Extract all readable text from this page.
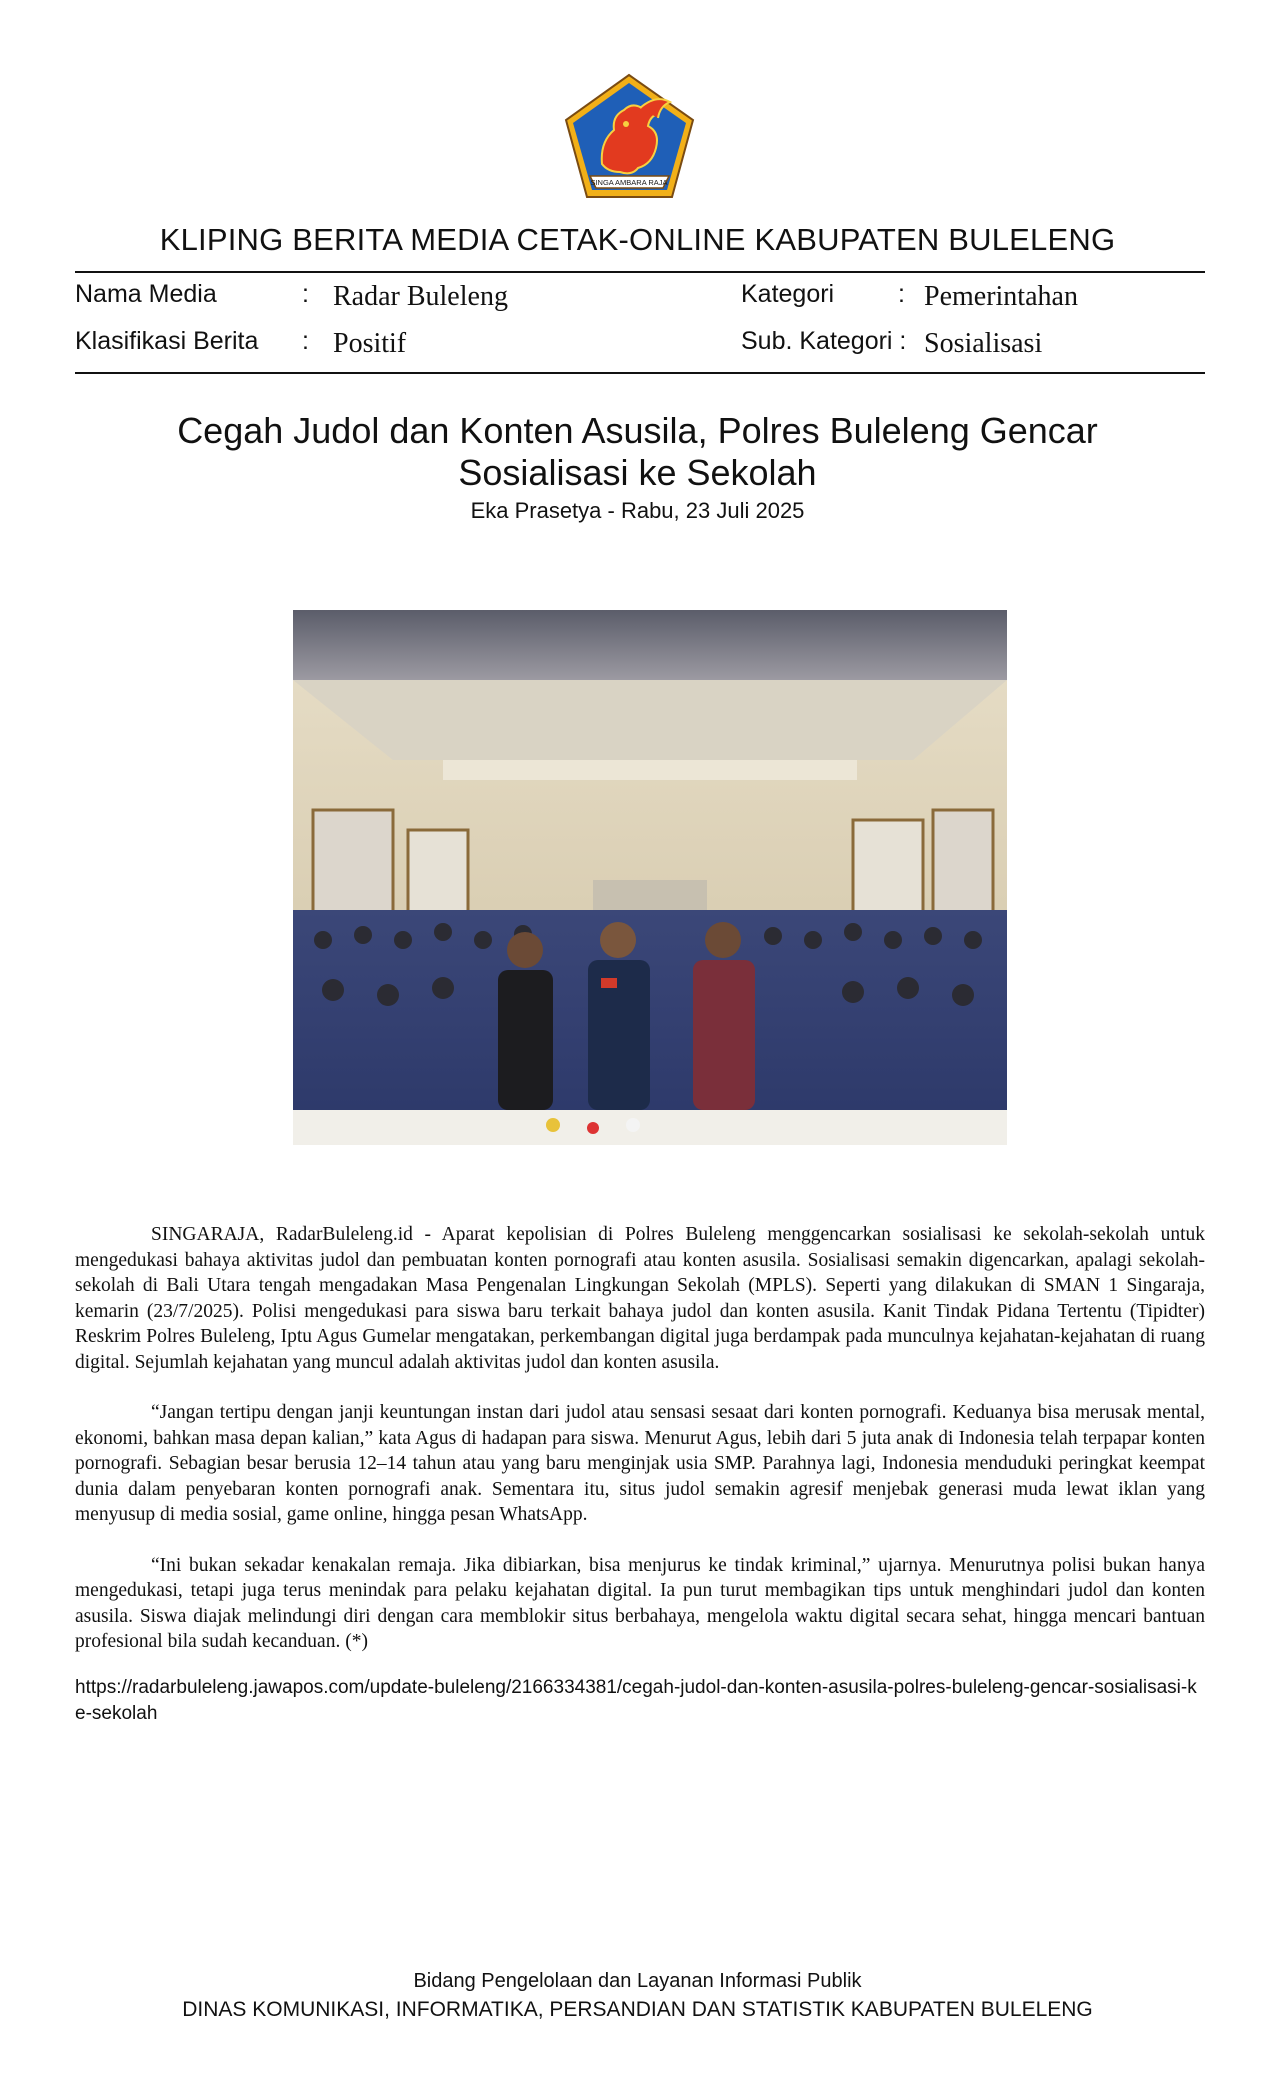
SINGA AMBARA RAJA
KLIPING BERITA MEDIA CETAK-ONLINE KABUPATEN BULELENG
Nama Media	: Radar Buleleng	Kategori	: Pemerintahan
Klasifikasi Berita : Positif	Sub. Kategori : Sosialisasi
Cegah Judol dan Konten Asusila, Polres Buleleng Gencar
Sosialisasi ke Sekolah
Eka Prasetya - Rabu, 23 Juli 2025

SINGARAJA, RadarBuleleng.id - Aparat kepolisian di Polres Buleleng menggencarkan sosialisasi ke sekolah-sekolah untuk mengedukasi bahaya aktivitas judol dan pembuatan konten pornografi atau konten asusila. Sosialisasi semakin digencarkan, apalagi sekolah-sekolah di Bali Utara tengah mengadakan Masa Pengenalan Lingkungan Sekolah (MPLS). Seperti yang dilakukan di SMAN 1 Singaraja, kemarin (23/7/2025). Polisi mengedukasi para siswa baru terkait bahaya judol dan konten asusila. Kanit Tindak Pidana Tertentu (Tipidter) Reskrim Polres Buleleng, Iptu Agus Gumelar mengatakan, perkembangan digital juga berdampak pada munculnya kejahatan-kejahatan di ruang digital. Sejumlah kejahatan yang muncul adalah aktivitas judol dan konten asusila.

“Jangan tertipu dengan janji keuntungan instan dari judol atau sensasi sesaat dari konten pornografi. Keduanya bisa merusak mental, ekonomi, bahkan masa depan kalian,” kata Agus di hadapan para siswa. Menurut Agus, lebih dari 5 juta anak di Indonesia telah terpapar konten pornografi. Sebagian besar berusia 12–14 tahun atau yang baru menginjak usia SMP. Parahnya lagi, Indonesia menduduki peringkat keempat dunia dalam penyebaran konten pornografi anak. Sementara itu, situs judol semakin agresif menjebak generasi muda lewat iklan yang menyusup di media sosial, game online, hingga pesan WhatsApp.

“Ini bukan sekadar kenakalan remaja. Jika dibiarkan, bisa menjurus ke tindak kriminal,” ujarnya. Menurutnya polisi bukan hanya mengedukasi, tetapi juga terus menindak para pelaku kejahatan digital. Ia pun turut membagikan tips untuk menghindari judol dan konten asusila. Siswa diajak melindungi diri dengan cara memblokir situs berbahaya, mengelola waktu digital secara sehat, hingga mencari bantuan profesional bila sudah kecanduan. (*)

https://radarbuleleng.jawapos.com/update-buleleng/2166334381/cegah-judol-dan-konten-asusila-polres-buleleng-gencar-sosialisasi-ke-sekolah
Bidang Pengelolaan dan Layanan Informasi Publik
DINAS KOMUNIKASI, INFORMATIKA, PERSANDIAN DAN STATISTIK KABUPATEN BULELENG
